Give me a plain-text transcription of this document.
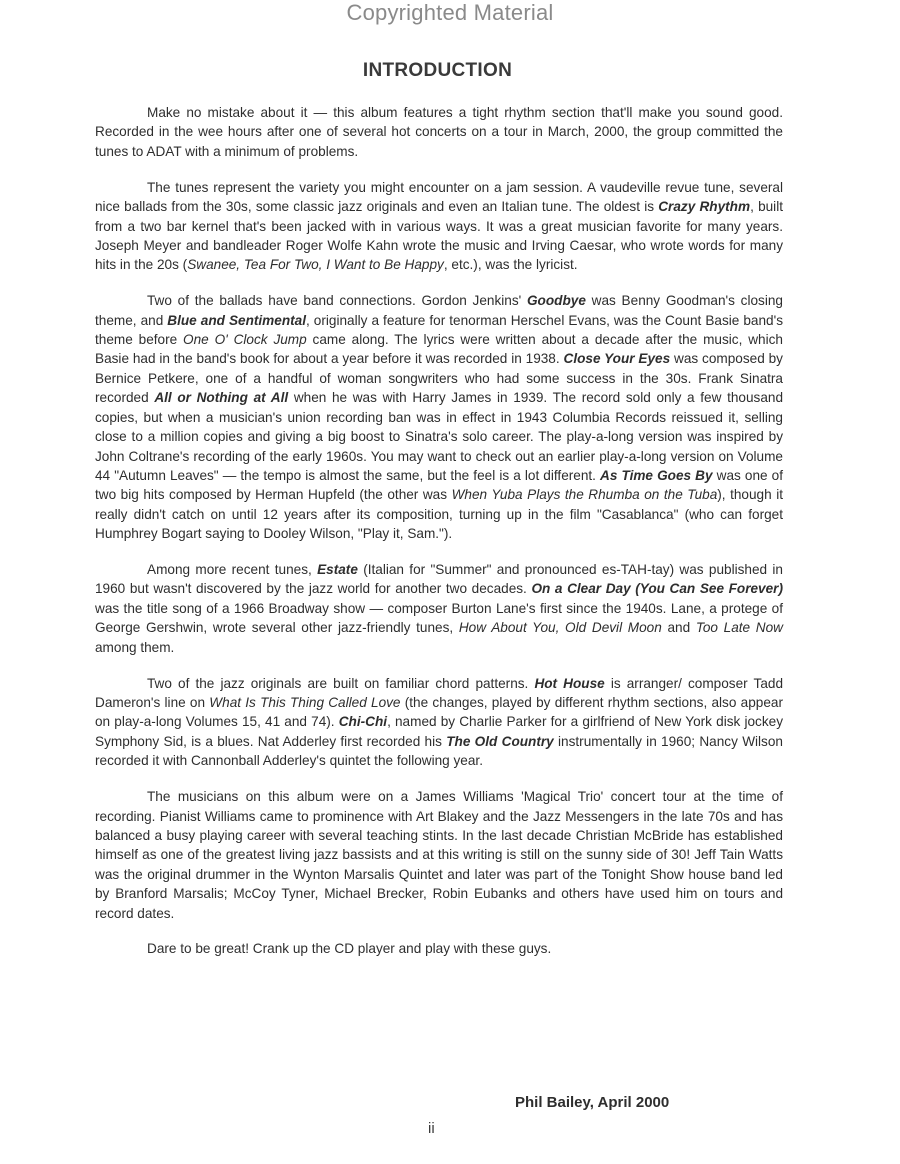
Copyrighted Material
INTRODUCTION

Make no mistake about it — this album features a tight rhythm section that'll make you sound good. Recorded in the wee hours after one of several hot concerts on a tour in March, 2000, the group committed the tunes to ADAT with a minimum of problems.

The tunes represent the variety you might encounter on a jam session. A vaudeville revue tune, several nice ballads from the 30s, some classic jazz originals and even an Italian tune. The oldest is Crazy Rhythm, built from a two bar kernel that's been jacked with in various ways. It was a great musician favorite for many years. Joseph Meyer and bandleader Roger Wolfe Kahn wrote the music and Irving Caesar, who wrote words for many hits in the 20s (Swanee, Tea For Two, I Want to Be Happy, etc.), was the lyricist.

Two of the ballads have band connections. Gordon Jenkins' Goodbye was Benny Goodman's closing theme, and Blue and Sentimental, originally a feature for tenorman Herschel Evans, was the Count Basie band's theme before One O' Clock Jump came along. The lyrics were written about a decade after the music, which Basie had in the band's book for about a year before it was recorded in 1938. Close Your Eyes was composed by Bernice Petkere, one of a handful of woman songwriters who had some success in the 30s. Frank Sinatra recorded All or Nothing at All when he was with Harry James in 1939. The record sold only a few thousand copies, but when a musician's union recording ban was in effect in 1943 Columbia Records reissued it, selling close to a million copies and giving a big boost to Sinatra's solo career. The play-a-long version was inspired by John Coltrane's recording of the early 1960s. You may want to check out an earlier play-a-long version on Volume 44 "Autumn Leaves" — the tempo is almost the same, but the feel is a lot different. As Time Goes By was one of two big hits composed by Herman Hupfeld (the other was When Yuba Plays the Rhumba on the Tuba), though it really didn't catch on until 12 years after its composition, turning up in the film "Casablanca" (who can forget Humphrey Bogart saying to Dooley Wilson, "Play it, Sam.").

Among more recent tunes, Estate (Italian for "Summer" and pronounced es-TAH-tay) was published in 1960 but wasn't discovered by the jazz world for another two decades. On a Clear Day (You Can See Forever) was the title song of a 1966 Broadway show — composer Burton Lane's first since the 1940s. Lane, a protege of George Gershwin, wrote several other jazz-friendly tunes, How About You, Old Devil Moon and Too Late Now among them.

Two of the jazz originals are built on familiar chord patterns. Hot House is arranger/ composer Tadd Dameron's line on What Is This Thing Called Love (the changes, played by different rhythm sections, also appear on play-a-long Volumes 15, 41 and 74). Chi-Chi, named by Charlie Parker for a girlfriend of New York disk jockey Symphony Sid, is a blues. Nat Adderley first recorded his The Old Country instrumentally in 1960; Nancy Wilson recorded it with Cannonball Adderley's quintet the following year.

The musicians on this album were on a James Williams 'Magical Trio' concert tour at the time of recording. Pianist Williams came to prominence with Art Blakey and the Jazz Messengers in the late 70s and has balanced a busy playing career with several teaching stints. In the last decade Christian McBride has established himself as one of the greatest living jazz bassists and at this writing is still on the sunny side of 30! Jeff Tain Watts was the original drummer in the Wynton Marsalis Quintet and later was part of the Tonight Show house band led by Branford Marsalis; McCoy Tyner, Michael Brecker, Robin Eubanks and others have used him on tours and record dates.

Dare to be great! Crank up the CD player and play with these guys.

Phil Bailey, April 2000
ii
